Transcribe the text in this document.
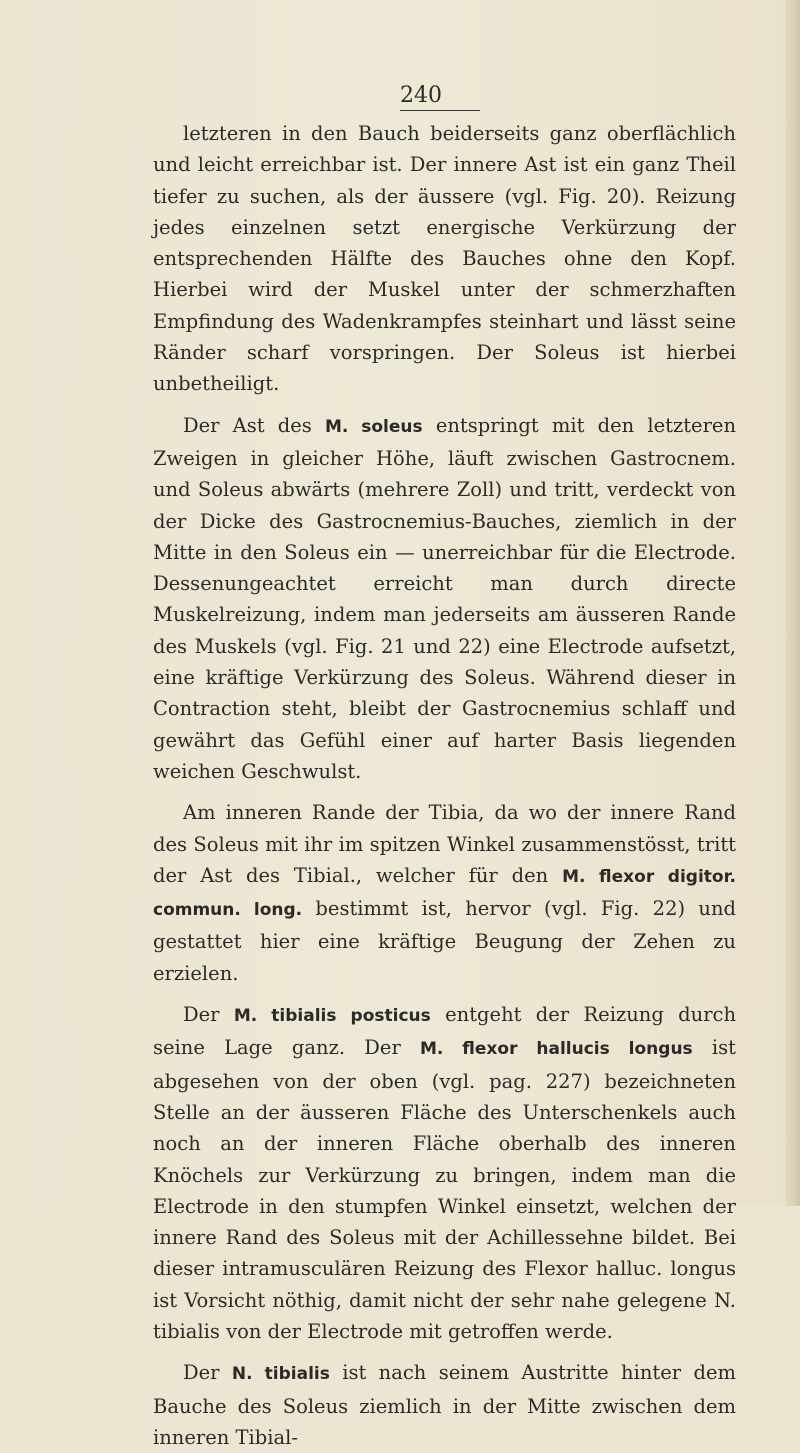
240

letzteren in den Bauch beiderseits ganz oberflächlich und leicht erreichbar ist. Der innere Ast ist ein ganz Theil tiefer zu suchen, als der äussere (vgl. Fig. 20). Reizung jedes einzelnen setzt energische Verkürzung der entsprechenden Hälfte des Bauches ohne den Kopf. Hierbei wird der Muskel unter der schmerzhaften Empfindung des Wadenkrampfes steinhart und lässt seine Ränder scharf vorspringen. Der Soleus ist hierbei unbetheiligt.

Der Ast des M. soleus entspringt mit den letzteren Zweigen in gleicher Höhe, läuft zwischen Gastrocnem. und Soleus abwärts (mehrere Zoll) und tritt, verdeckt von der Dicke des Gastrocnemius-Bauches, ziemlich in der Mitte in den Soleus ein — unerreichbar für die Electrode. Dessenungeachtet erreicht man durch directe Muskelreizung, indem man jederseits am äusseren Rande des Muskels (vgl. Fig. 21 und 22) eine Electrode aufsetzt, eine kräftige Verkürzung des Soleus. Während dieser in Contraction steht, bleibt der Gastrocnemius schlaff und gewährt das Gefühl einer auf harter Basis liegenden weichen Geschwulst.

Am inneren Rande der Tibia, da wo der innere Rand des Soleus mit ihr im spitzen Winkel zusammenstösst, tritt der Ast des Tibial., welcher für den M. flexor digitor. commun. long. bestimmt ist, hervor (vgl. Fig. 22) und gestattet hier eine kräftige Beugung der Zehen zu erzielen.

Der M. tibialis posticus entgeht der Reizung durch seine Lage ganz. Der M. flexor hallucis longus ist abgesehen von der oben (vgl. pag. 227) bezeichneten Stelle an der äusseren Fläche des Unterschenkels auch noch an der inneren Fläche oberhalb des inneren Knöchels zur Verkürzung zu bringen, indem man die Electrode in den stumpfen Winkel einsetzt, welchen der innere Rand des Soleus mit der Achillessehne bildet. Bei dieser intramusculären Reizung des Flexor halluc. longus ist Vorsicht nöthig, damit nicht der sehr nahe gelegene N. tibialis von der Electrode mit getroffen werde.

Der N. tibialis ist nach seinem Austritte hinter dem Bauche des Soleus ziemlich in der Mitte zwischen dem inneren Tibial-
